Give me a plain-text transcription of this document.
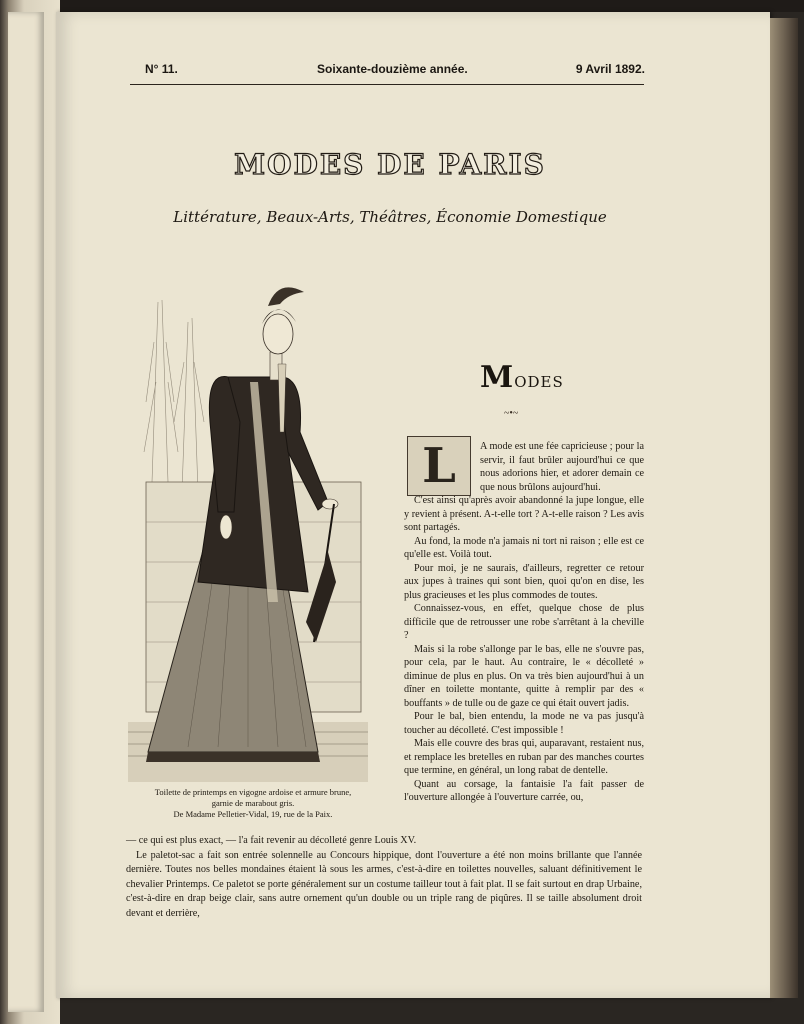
N° 11.	Soixante-douzième année.	9 Avril 1892.
MODES DE PARIS
Littérature, Beaux-Arts, Théâtres, Économie Domestique
Toilette de printemps en vigogne ardoise et armure brune,
garnie de marabout gris.
De Madame Pelletier-Vidal, 19, rue de la Paix.
MODES
~•~
L	A mode est une fée capricieuse ; pour la servir, il faut brûler aujourd'hui ce que nous adorions hier, et adorer demain ce que nous brûlons aujourd'hui.

C'est ainsi qu'après avoir abandonné la jupe longue, elle y revient à présent. A-t-elle tort ? A-t-elle raison ? Les avis sont partagés.

Au fond, la mode n'a jamais ni tort ni raison ; elle est ce qu'elle est. Voilà tout.

Pour moi, je ne saurais, d'ailleurs, regretter ce retour aux jupes à traines qui sont bien, quoi qu'on en dise, les plus gracieuses et les plus commodes de toutes.

Connaissez-vous, en effet, quelque chose de plus difficile que de retrousser une robe s'arrêtant à la cheville ?

Mais si la robe s'allonge par le bas, elle ne s'ouvre pas, pour cela, par le haut. Au contraire, le « décolleté » diminue de plus en plus. On va très bien aujourd'hui à un dîner en toilette montante, quitte à remplir par des « bouffants » de tulle ou de gaze ce qui était ouvert jadis.

Pour le bal, bien entendu, la mode ne va pas jusqu'à toucher au décolleté. C'est impossible !

Mais elle couvre des bras qui, auparavant, restaient nus, et remplace les bretelles en ruban par des manches courtes que termine, en général, un long rabat de dentelle.

Quant au corsage, la fantaisie l'a fait passer de l'ouverture allongée à l'ouverture carrée, ou,

— ce qui est plus exact, — l'a fait revenir au décolleté genre Louis XV.

Le paletot-sac a fait son entrée solennelle au Concours hippique, dont l'ouverture a été non moins brillante que l'année dernière. Toutes nos belles mondaines étaient là sous les armes, c'est-à-dire en toilettes nouvelles, saluant définitivement le chevalier Printemps. Ce paletot se porte généralement sur un costume tailleur tout à fait plat. Il se fait surtout en drap Urbaine, c'est-à-dire en drap beige clair, sans autre ornement qu'un double ou un triple rang de piqûres. Il se taille absolument droit devant et derrière,
